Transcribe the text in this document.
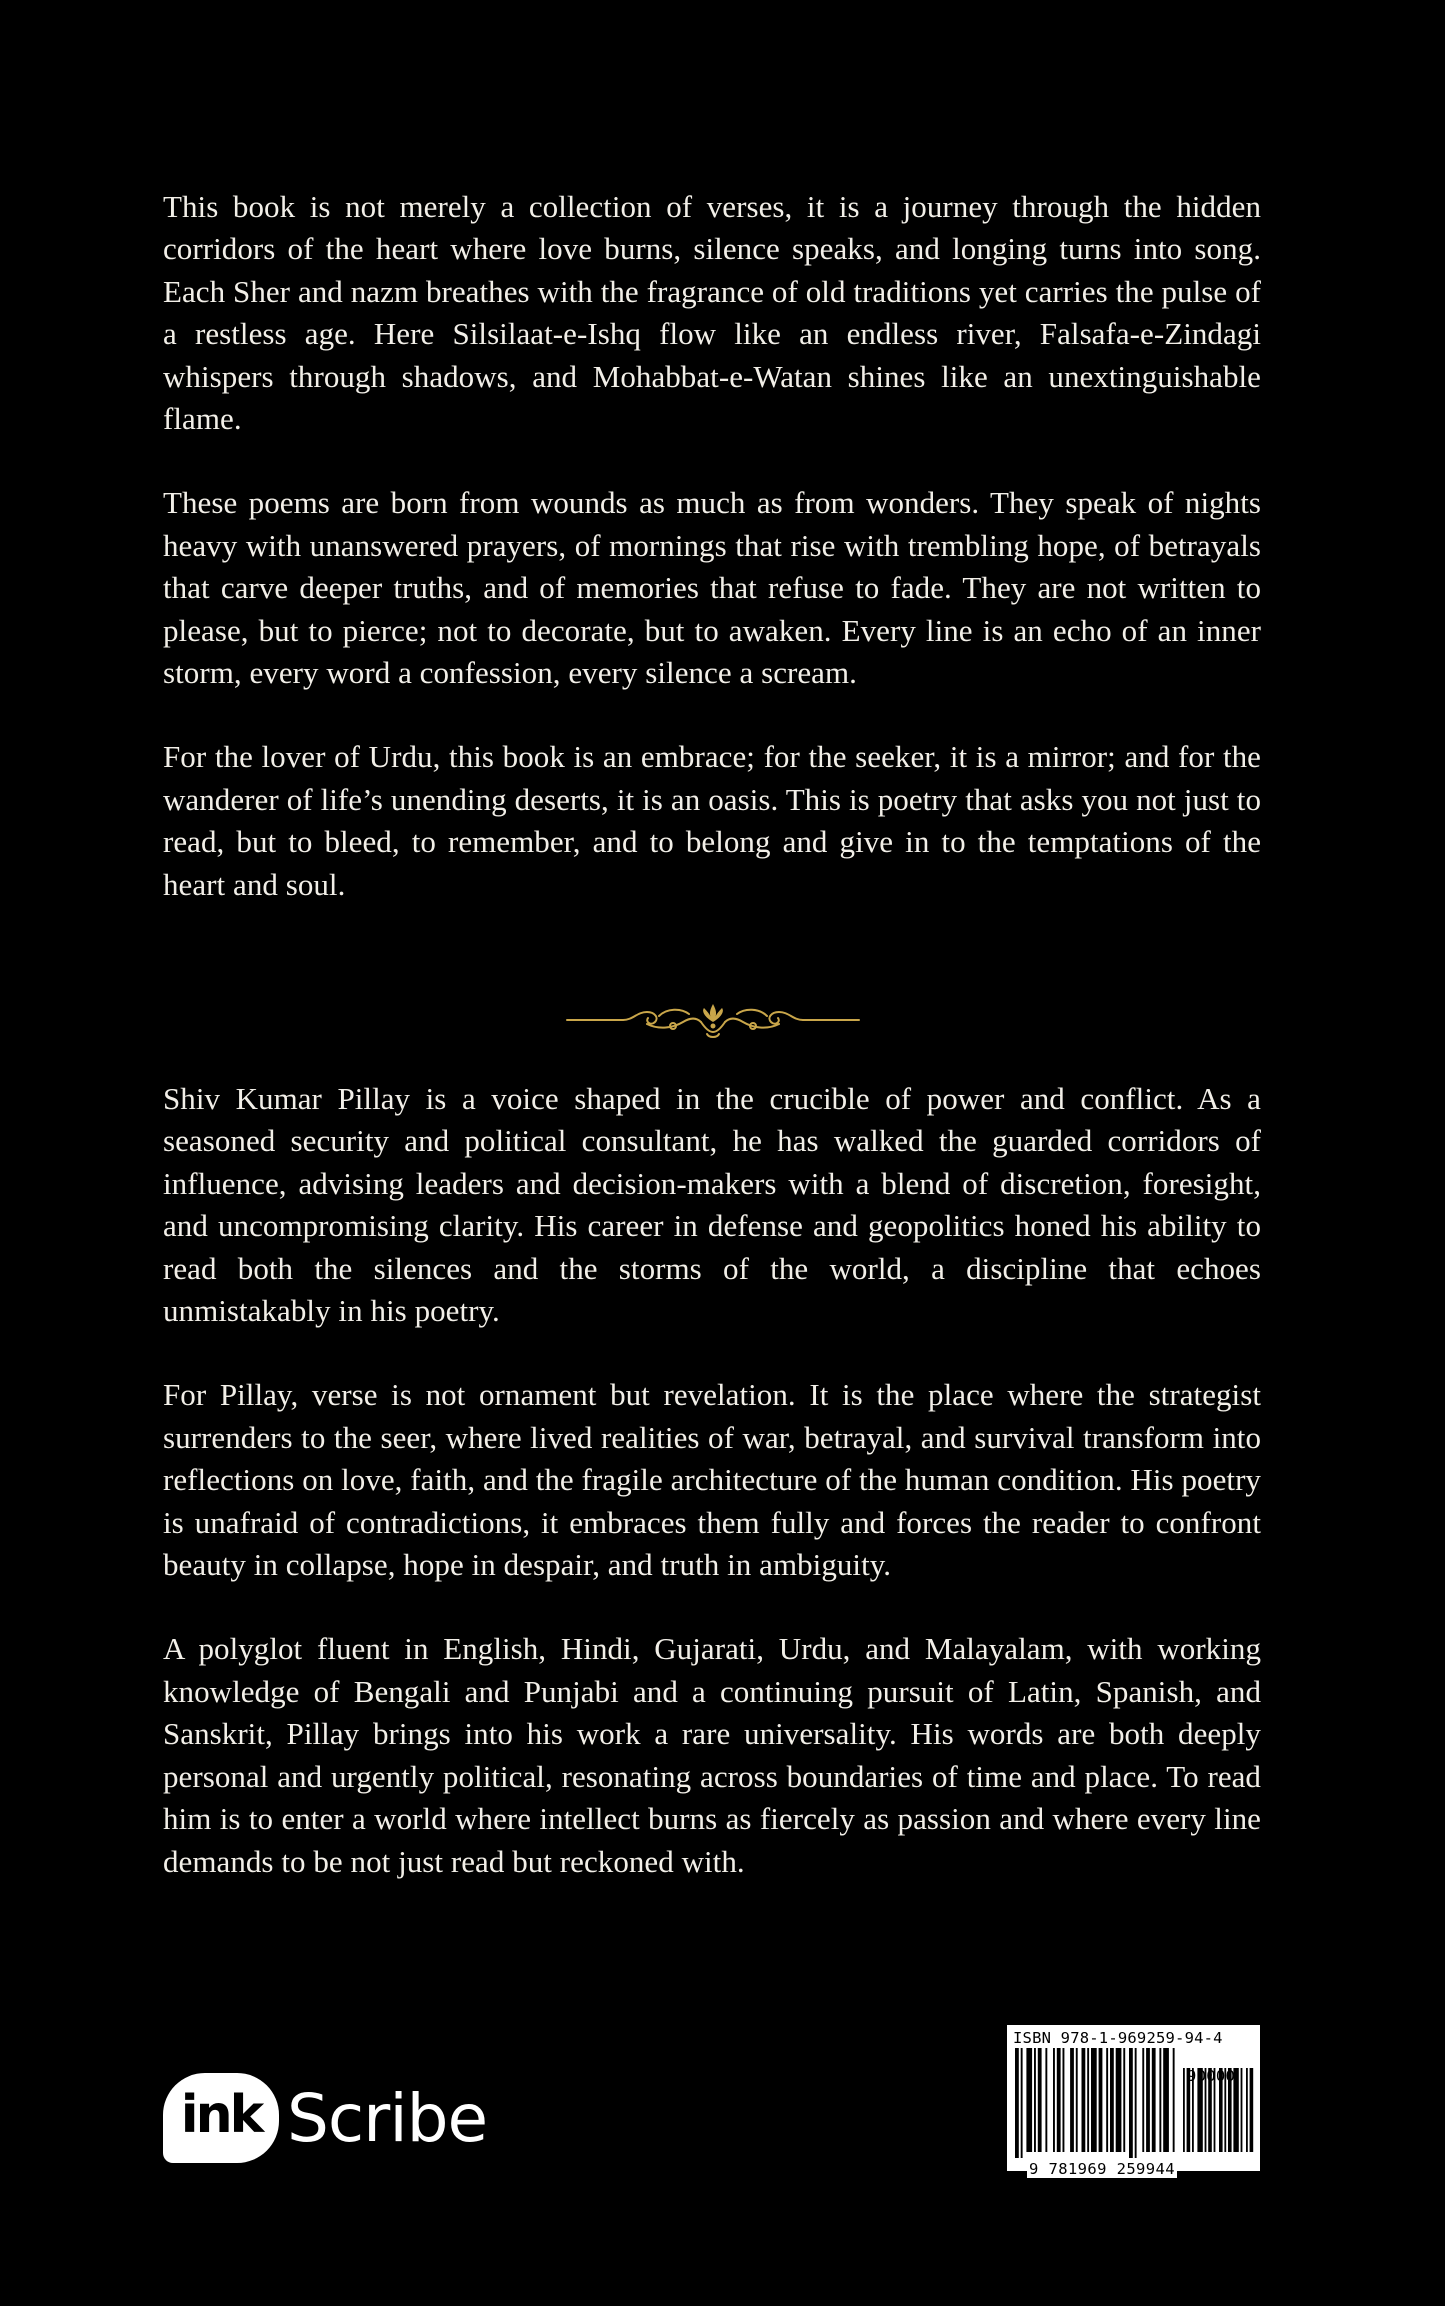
This book is not merely a collection of verses, it is a journey through the hidden corridors of the heart where love burns, silence speaks, and longing turns into song. Each Sher and nazm breathes with the fragrance of old traditions yet carries the pulse of a restless age. Here Silsilaat-e-Ishq flow like an endless river, Falsafa-e-Zindagi whispers through shadows, and Mohabbat-e-Watan shines like an unextinguishable flame.

These poems are born from wounds as much as from wonders. They speak of nights heavy with unanswered prayers, of mornings that rise with trembling hope, of betrayals that carve deeper truths, and of memories that refuse to fade. They are not written to please, but to pierce; not to decorate, but to awaken. Every line is an echo of an inner storm, every word a confession, every silence a scream.

For the lover of Urdu, this book is an embrace; for the seeker, it is a mirror; and for the wanderer of life’s unending deserts, it is an oasis. This is poetry that asks you not just to read, but to bleed, to remember, and to belong and give in to the temptations of the heart and soul.

Shiv Kumar Pillay is a voice shaped in the crucible of power and conflict. As a seasoned security and political consultant, he has walked the guarded corridors of influence, advising leaders and decision-makers with a blend of discretion, foresight, and uncompromising clarity. His career in defense and geopolitics honed his ability to read both the silences and the storms of the world, a discipline that echoes unmistakably in his poetry.

For Pillay, verse is not ornament but revelation. It is the place where the strategist surrenders to the seer, where lived realities of war, betrayal, and survival transform into reflections on love, faith, and the fragile architecture of the human condition. His poetry is unafraid of contradictions, it embraces them fully and forces the reader to confront beauty in collapse, hope in despair, and truth in ambiguity.

A polyglot fluent in English, Hindi, Gujarati, Urdu, and Malayalam, with working knowledge of Bengali and Punjabi and a continuing pursuit of Latin, Spanish, and Sanskrit, Pillay brings into his work a rare universality. His words are both deeply personal and urgently political, resonating across boundaries of time and place. To read him is to enter a world where intellect burns as fiercely as passion and where every line demands to be not just read but reckoned with.

ink Scribe
ISBN 978-1-969259-94-4
90000
9 781969 259944
